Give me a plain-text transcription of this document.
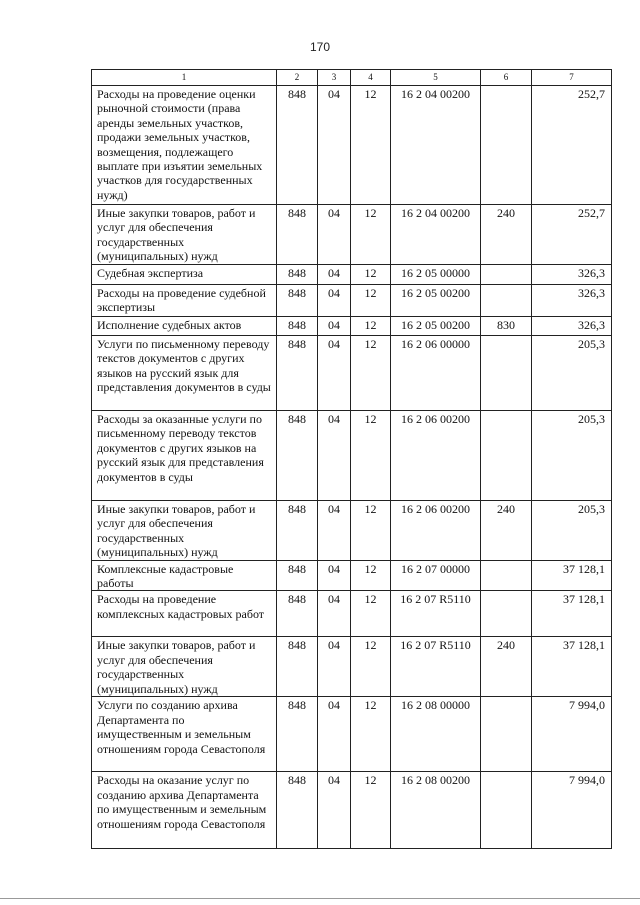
170
1	2	3	4	5	6	7
Расходы на проведение оценки рыночной стоимости (права аренды земельных участков, продажи земельных участков, возмещения, подлежащего выплате при изъятии земельных участков для государственных нужд)	848	04	12	16 2 04 00200		252,7
Иные закупки товаров, работ и услуг для обеспечения государственных (муниципальных) нужд	848	04	12	16 2 04 00200	240	252,7
Судебная экспертиза	848	04	12	16 2 05 00000		326,3
Расходы на проведение судебной экспертизы	848	04	12	16 2 05 00200		326,3
Исполнение судебных актов	848	04	12	16 2 05 00200	830	326,3
Услуги по письменному переводу текстов документов с других языков на русский язык для представления документов в суды	848	04	12	16 2 06 00000		205,3
Расходы за оказанные услуги по письменному переводу текстов документов с других языков на русский язык для представления документов в суды	848	04	12	16 2 06 00200		205,3
Иные закупки товаров, работ и услуг для обеспечения государственных (муниципальных) нужд	848	04	12	16 2 06 00200	240	205,3
Комплексные кадастровые работы	848	04	12	16 2 07 00000		37 128,1
Расходы на проведение комплексных кадастровых работ	848	04	12	16 2 07 R5110		37 128,1
Иные закупки товаров, работ и услуг для обеспечения государственных (муниципальных) нужд	848	04	12	16 2 07 R5110	240	37 128,1
Услуги по созданию архива Департамента по имущественным и земельным отношениям города Севастополя	848	04	12	16 2 08 00000		7 994,0
Расходы на оказание услуг по созданию архива Департамента по имущественным и земельным отношениям города Севастополя	848	04	12	16 2 08 00200		7 994,0
